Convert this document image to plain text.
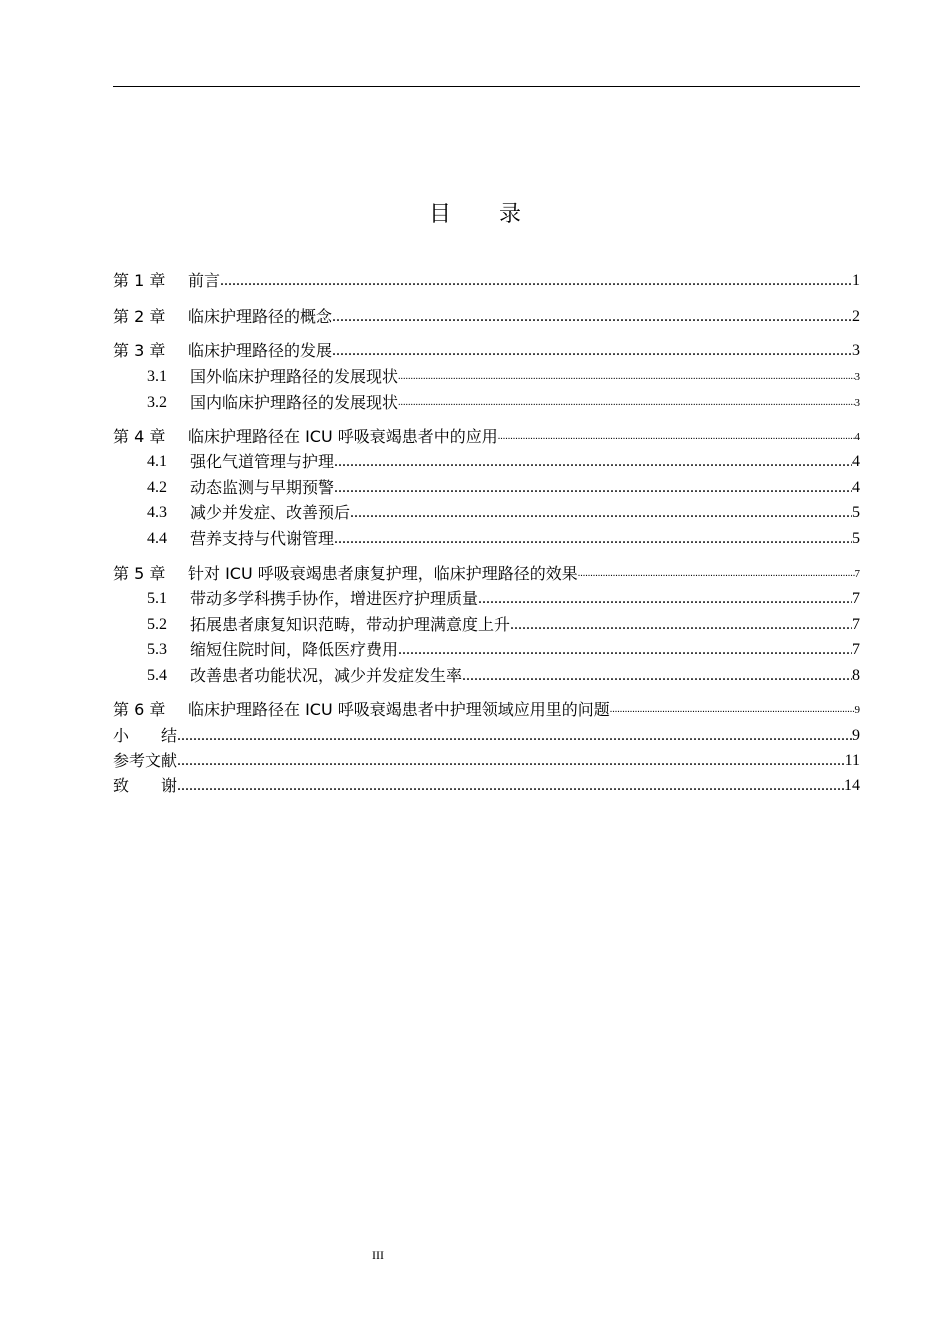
目 录
第 1 章	前言 .....	1
第 2 章	临床护理路径的概念 .....	2
第 3 章	临床护理路径的发展 .....	3
3.1	国外临床护理路径的发展现状 .....	3
3.2	国内临床护理路径的发展现状 .....	3
第 4 章	临床护理路径在 ICU 呼吸衰竭患者中的应用 .....	4
4.1	强化气道管理与护理 .....	4
4.2	动态监测与早期预警 .....	4
4.3	减少并发症、改善预后 .....	5
4.4	营养支持与代谢管理 .....	5
第 5 章	针对 ICU 呼吸衰竭患者康复护理，临床护理路径的效果 .....	7
5.1	带动多学科携手协作，增进医疗护理质量 .....	7
5.2	拓展患者康复知识范畴，带动护理满意度上升 .....	7
5.3	缩短住院时间，降低医疗费用 .....	7
5.4	改善患者功能状况，减少并发症发生率 .....	8
第 6 章	临床护理路径在 ICU 呼吸衰竭患者中护理领域应用里的问题 .....	9
小　　结 .....	9
参考文献 .....	11
致　　谢 .....	14
III
